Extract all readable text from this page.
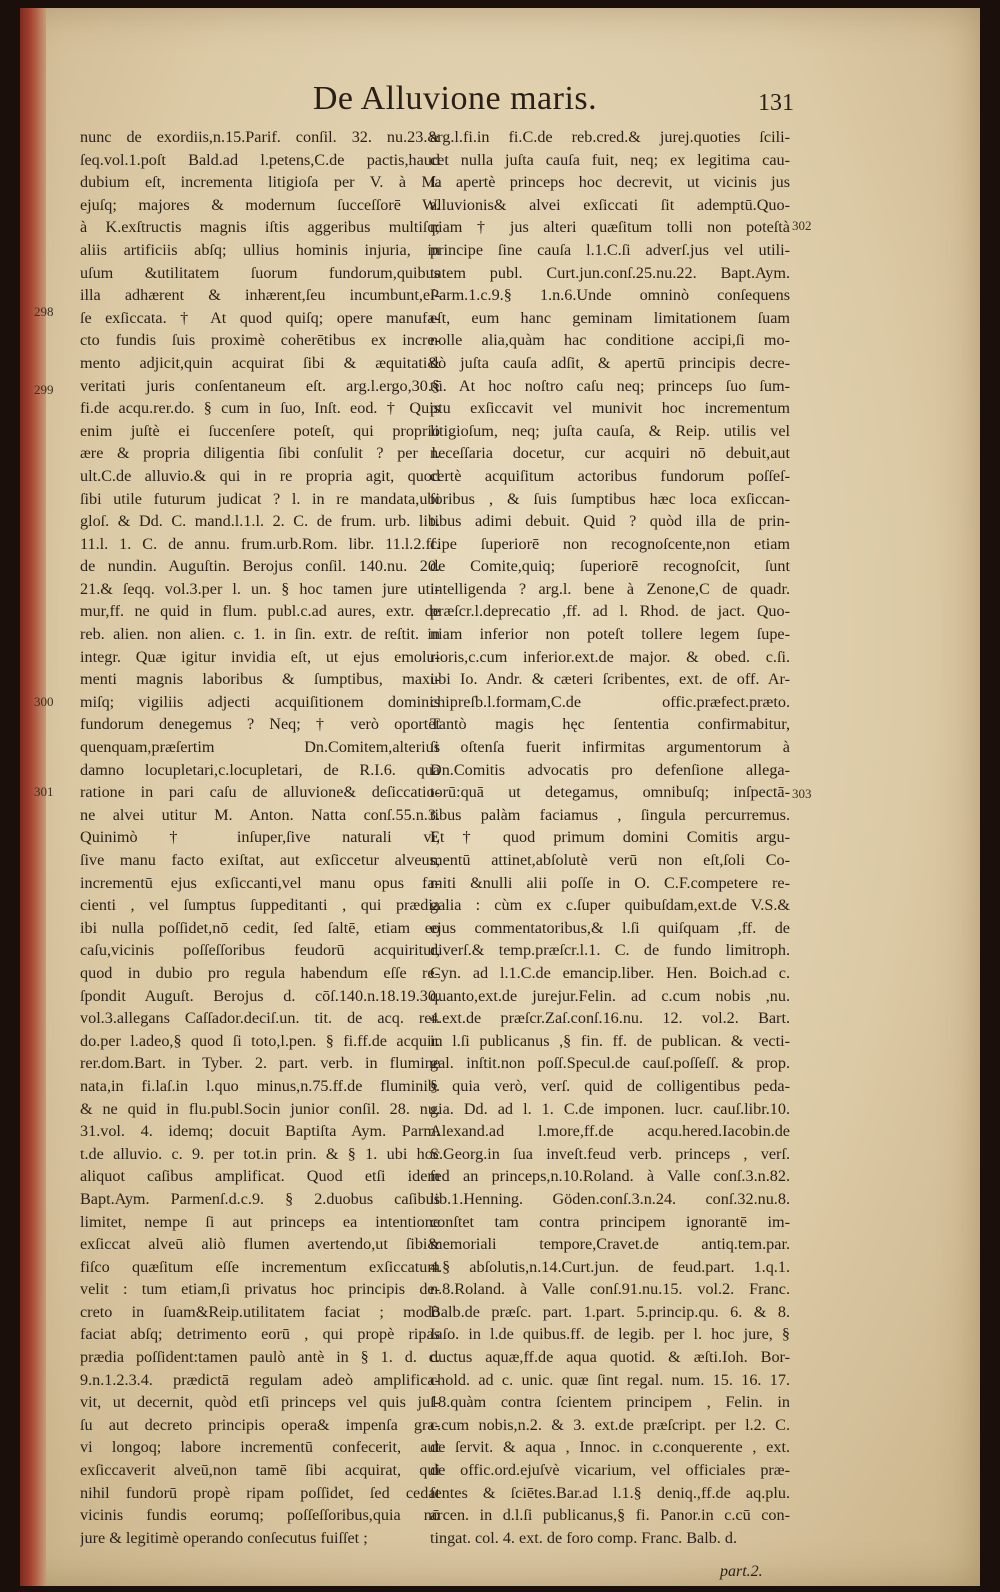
De Alluvione maris.	131
nunc de exordiis,n.15.Parif. conſil. 32. nu.23.&
ſeq.vol.1.poſt Bald.ad l.petens,C.de pactis,haud
dubium eſt, incrementa litigioſa per V. à M.
ejuſq; majores & modernum ſucceſſorē W.
à K.exſtructis magnis iſtis aggeribus multiſq;
aliis artificiis abſq; ullius hominis injuria, in
uſum &utilitatem ſuorum fundorum,quibus
illa adhærent & inhærent,ſeu incumbunt,eſ-
ſe exſiccata. † At quod quiſq; opere manufa-
cto fundis ſuis proximè coherētibus ex incre-
mento adjicit,quin acquirat ſibi & æquitati&
veritati juris conſentaneum eſt. arg.l.ergo,30.§
fi.de acqu.rer.do. § cum in ſuo, Inſt. eod. † Quis
enim juſtè ei ſuccenſere poteſt, qui proprio
ære & propria diligentia ſibi conſulit ? per l.
ult.C.de alluvio.& qui in re propria agit, quod
ſibi utile futurum judicat ? l. in re mandata,ubi
gloſ. & Dd. C. mand.l.1.l. 2. C. de frum. urb. lib.
11.l. 1. C. de annu. frum.urb.Rom. libr. 11.l.2.ff.
de nundin. Auguſtin. Berojus conſil. 140.nu. 20.
21.& ſeqq. vol.3.per l. un. § hoc tamen jure uti-
mur,ff. ne quid in flum. publ.c.ad aures, extr. de
reb. alien. non alien. c. 1. in ſin. extr. de reſtit. in
integr. Quæ igitur invidia eſt, ut ejus emolu-
menti magnis laboribus & ſumptibus, maxi-
miſq; vigiliis adjecti acquiſitionem dominis
fundorum denegemus ? Neq; † verò oportet
quenquam,præſertim Dn.Comitem,alterius
damno locupletari,c.locupletari, de R.I.6. qua
ratione in pari caſu de alluvione& deſiccatio-
ne alvei utitur M. Anton. Natta conſ.55.n.3.
Quinimò † inſuper,ſive naturali vi,
ſive manu facto exiſtat, aut exſiccetur alveus,
incrementū ejus exſiccanti,vel manu opus fa-
cienti , vel ſumptus ſuppeditanti , qui prædia
ibi nulla poſſidet,nō cedit, ſed ſaltē, etiam eo
caſu,vicinis poſſeſſoribus feudorū acquiritur,
quod in dubio pro regula habendum eſſe re-
ſpondit Auguſt. Berojus d. cōſ.140.n.18.19.30.
vol.3.allegans Caſſador.deciſ.un. tit. de acq. rer.
do.per l.adeo,§ quod ſi toto,l.pen. § fi.ff.de acquir.
rer.dom.Bart. in Tyber. 2. part. verb. in flumine
nata,in fi.laſ.in l.quo minus,n.75.ff.de fluminib.
& ne quid in flu.publ.Socin junior conſil. 28. nu.
31.vol. 4. idemq; docuit Baptiſta Aym. Parm.
t.de alluvio. c. 9. per tot.in prin. & § 1. ubi hoc
aliquot caſibus amplificat. Quod etſi idem
Bapt.Aym. Parmenſ.d.c.9. § 2.duobus caſibus
limitet, nempe ſi aut princeps ea intentione
exſiccat alveū aliò flumen avertendo,ut ſibi&
fiſco quæſitum eſſe incrementum exſiccatum
velit : tum etiam,ſi privatus hoc principis de-
creto in ſuam&Reip.utilitatem faciat ; modò
faciat abſq; detrimento eorū , qui propè ripas
prædia poſſident:tamen paulò antè in § 1. d. c.
9.n.1.2.3.4. prædictā regulam adeò amplifica-
vit, ut decernit, quòd etſi princeps vel quis juſ-
ſu aut decreto principis opera& impenſa gra-
vi longoq; labore incrementū confecerit, aut
exſiccaverit alveū,non tamē ſibi acquirat, qui
nihil fundorū propè ripam poſſidet, ſed cedat
vicinis fundis eorumq; poſſeſſoribus,quia nō
jure & legitimè operando conſecutus fuiſſet ;
arg.l.fi.in fi.C.de reb.cred.& jurej.quoties ſcili-
cet nulla juſta cauſa fuit, neq; ex legitima cau-
ſa apertè princeps hoc decrevit, ut vicinis jus
alluvionis& alvei exſiccati ſit ademptū.Quo-
niam † jus alteri quæſitum tolli non poteſtà
principe ſine cauſa l.1.C.ſi adverſ.jus vel utili-
tatem publ. Curt.jun.conſ.25.nu.22. Bapt.Aym.
Parm.1.c.9.§ 1.n.6.Unde omninò conſequens
eſt, eum hanc geminam limitationem ſuam
nolle alia,quàm hac conditione accipi,ſi mo-
dò juſta cauſa adſit, & apertū principis decre-
tū. At hoc noſtro caſu neq; princeps ſuo ſum-
ptu exſiccavit vel munivit hoc incrementum
litigioſum, neq; juſta cauſa, & Reip. utilis vel
neceſſaria docetur, cur acquiri nō debuit,aut
certè acquiſitum actoribus fundorum poſſeſ-
ſoribus , & ſuis ſumptibus hæc loca exſiccan-
tibus adimi debuit. Quid ? quòd illa de prin-
cipe ſuperiorē non recognoſcente,non etiam
de Comite,quiq; ſuperiorē recognoſcit, ſunt
intelligenda ? arg.l. bene à Zenone,C de quadr.
præſcr.l.deprecatio ,ff. ad l. Rhod. de jact. Quo-
niam inferior non poteſt tollere legem ſupe-
rioris,c.cum inferior.ext.de major. & obed. c.ſi.
ubi Io. Andr. & cæteri ſcribentes, ext. de off. Ar-
chipreſb.l.formam,C.de offic.præfect.præto.
Tantò magis hęc ſententia confirmabitur,
ſi oſtenſa fuerit infirmitas argumentorum à
Dn.Comitis advocatis pro defenſione allega-
torū:quā ut detegamus, omnibuſq; inſpectā-
tibus palàm faciamus , ſingula percurremus.
Et † quod primum domini Comitis argu-
mentū attinet,abſolutè verū non eſt,ſoli Co-
miti &nulli alii poſſe in O. C.F.competere re-
galia : cùm ex c.ſuper quibuſdam,ext.de V.S.&
ejus commentatoribus,& l.ſi quiſquam ,ff. de
diverſ.& temp.præſcr.l.1. C. de fundo limitroph.
Cyn. ad l.1.C.de emancip.liber. Hen. Boich.ad c.
quanto,ext.de jurejur.Felin. ad c.cum nobis ,nu.
4.ext.de præſcr.Zaſ.conſ.16.nu. 12. vol.2. Bart.
in l.ſi publicanus ,§ fin. ff. de publican. & vecti-
gal. inſtit.non poſſ.Specul.de cauſ.poſſeſſ. & prop.
§ quia verò, verſ. quid de colligentibus peda-
gia. Dd. ad l. 1. C.de imponen. lucr. cauſ.libr.10.
Alexand.ad l.more,ff.de acqu.hered.Iacobin.de
S.Georg.in ſua inveſt.feud verb. princeps , verſ.
ſed an princeps,n.10.Roland. à Valle conſ.3.n.82.
lib.1.Henning. Göden.conſ.3.n.24. conſ.32.nu.8.
conſtet tam contra principem ignorantē im-
memoriali tempore,Cravet.de antiq.tem.par.
4.§ abſolutis,n.14.Curt.jun. de feud.part. 1.q.1.
n.8.Roland. à Valle conſ.91.nu.15. vol.2. Franc.
Balb.de præſc. part. 1.part. 5.princip.qu. 6. & 8.
Iaſo. in l.de quibus.ff. de legib. per l. hoc jure, §
ductus aquæ,ff.de aqua quotid. & æſti.Ioh. Bor-
chold. ad c. unic. quæ ſint regal. num. 15. 16. 17.
18.quàm contra ſcientem principem , Felin. in
c.cum nobis,n.2. & 3. ext.de præſcript. per l.2. C.
de ſervit. & aqua , Innoc. in c.conquerente , ext.
de offic.ord.ejuſvè vicarium, vel officiales præ-
ſentes & ſciētes.Bar.ad l.1.§ deniq.,ff.de aq.plu.
arcen. in d.l.ſi publicanus,§ fi. Panor.in c.cū con-
tingat. col. 4. ext. de foro comp. Franc. Balb. d.
298
299
300
301
302
303
part.2.
